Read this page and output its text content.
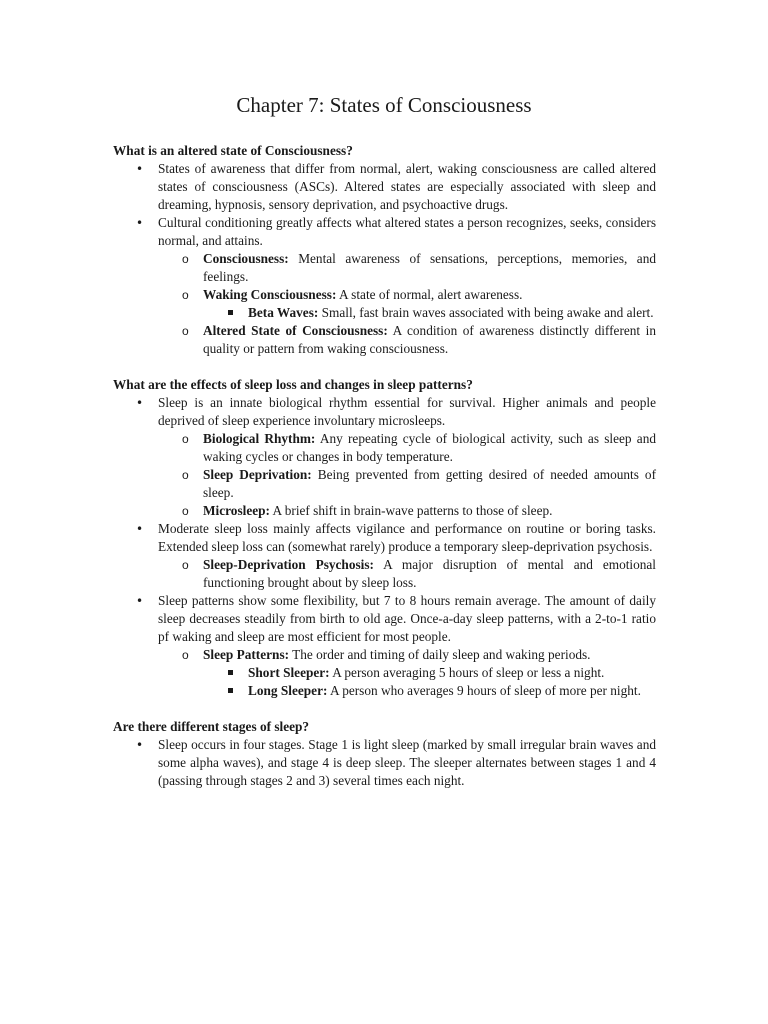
Chapter 7: States of Consciousness

What is an altered state of Consciousness?

• States of awareness that differ from normal, alert, waking consciousness are called altered states of consciousness (ASCs). Altered states are especially associated with sleep and dreaming, hypnosis, sensory deprivation, and psychoactive drugs.
• Cultural conditioning greatly affects what altered states a person recognizes, seeks, considers normal, and attains.
o Consciousness: Mental awareness of sensations, perceptions, memories, and feelings.
o Waking Consciousness: A state of normal, alert awareness.
Beta Waves: Small, fast brain waves associated with being awake and alert.
o Altered State of Consciousness: A condition of awareness distinctly different in quality or pattern from waking consciousness.

What are the effects of sleep loss and changes in sleep patterns?

• Sleep is an innate biological rhythm essential for survival. Higher animals and people deprived of sleep experience involuntary microsleeps.
o Biological Rhythm: Any repeating cycle of biological activity, such as sleep and waking cycles or changes in body temperature.
o Sleep Deprivation: Being prevented from getting desired of needed amounts of sleep.
o Microsleep: A brief shift in brain-wave patterns to those of sleep.
• Moderate sleep loss mainly affects vigilance and performance on routine or boring tasks. Extended sleep loss can (somewhat rarely) produce a temporary sleep-deprivation psychosis.
o Sleep-Deprivation Psychosis: A major disruption of mental and emotional functioning brought about by sleep loss.
• Sleep patterns show some flexibility, but 7 to 8 hours remain average. The amount of daily sleep decreases steadily from birth to old age. Once-a-day sleep patterns, with a 2-to-1 ratio pf waking and sleep are most efficient for most people.
o Sleep Patterns: The order and timing of daily sleep and waking periods.
Short Sleeper: A person averaging 5 hours of sleep or less a night.
Long Sleeper: A person who averages 9 hours of sleep of more per night.

Are there different stages of sleep?

• Sleep occurs in four stages. Stage 1 is light sleep (marked by small irregular brain waves and some alpha waves), and stage 4 is deep sleep. The sleeper alternates between stages 1 and 4 (passing through stages 2 and 3) several times each night.
